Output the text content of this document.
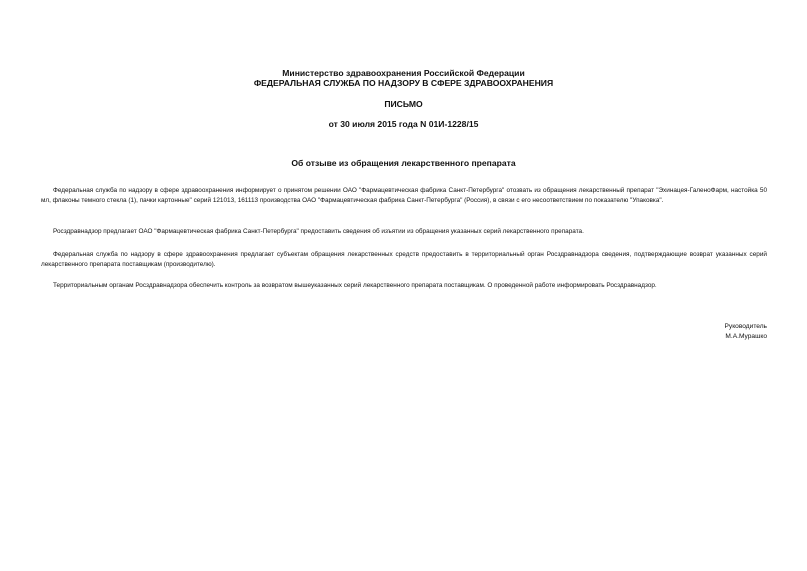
Министерство здравоохранения Российской Федерации
ФЕДЕРАЛЬНАЯ СЛУЖБА ПО НАДЗОРУ В СФЕРЕ ЗДРАВООХРАНЕНИЯ
ПИСЬМО
от 30 июля 2015 года N 01И-1228/15
Об отзыве из обращения лекарственного препарата
Федеральная служба по надзору в сфере здравоохранения информирует о принятом решении ОАО "Фармацевтическая фабрика Санкт-Петербурга" отозвать из обращения лекарственный препарат "Эхинацея-ГаленоФарм, настойка 50 мл, флаконы темного стекла (1), пачки картонные" серий 121013, 161113 производства ОАО "Фармацевтическая фабрика Санкт-Петербурга" (Россия), в связи с его несоответствием по показателю "Упаковка".
Росздравнадзор предлагает ОАО "Фармацевтическая фабрика Санкт-Петербурга" предоставить сведения об изъятии из обращения указанных серий лекарственного препарата.
Федеральная служба по надзору в сфере здравоохранения предлагает субъектам обращения лекарственных средств предоставить в территориальный орган Росздравнадзора сведения, подтверждающие возврат указанных серий лекарственного препарата поставщикам (производителю).
Территориальным органам Росздравнадзора обеспечить контроль за возвратом вышеуказанных серий лекарственного препарата поставщикам. О проведенной работе информировать Росздравнадзор.
Руководитель
М.А.Мурашко
